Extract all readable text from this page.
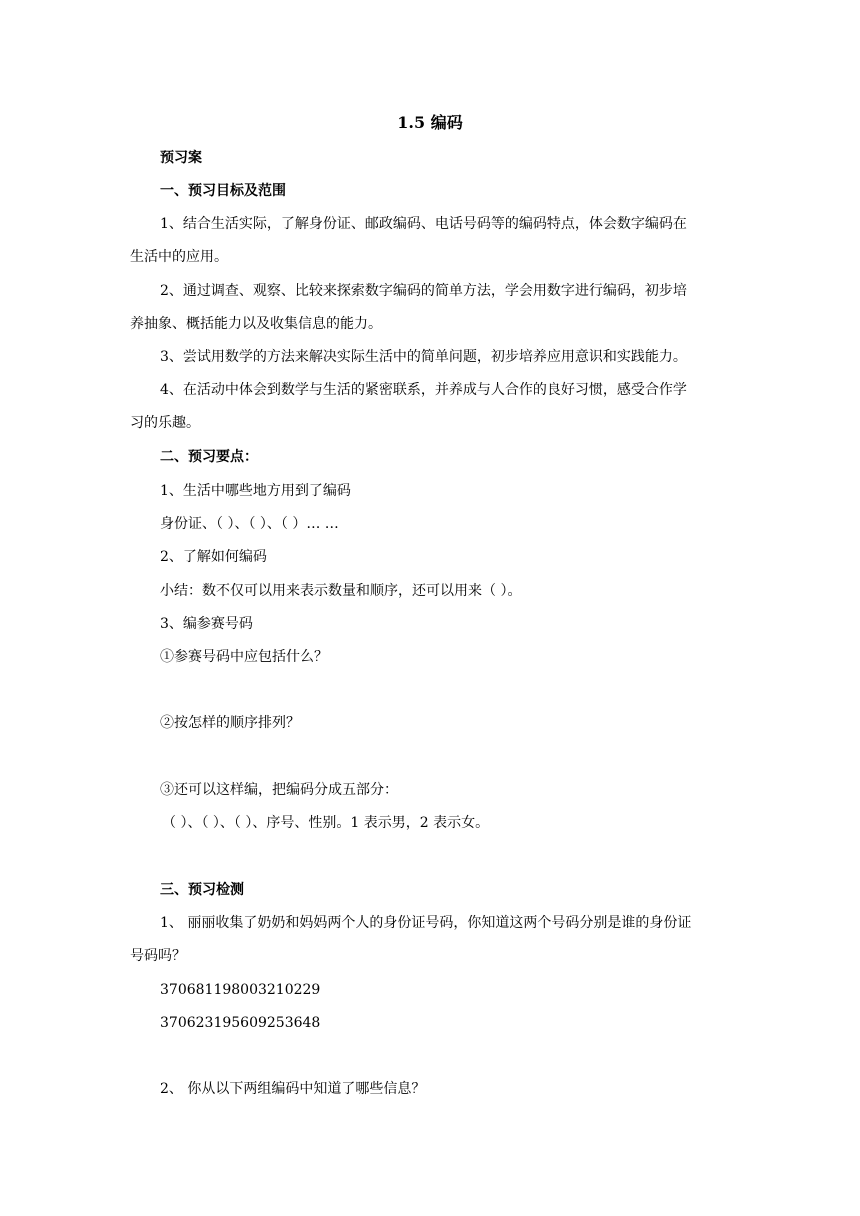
1.5 编码
预习案
一、预习目标及范围
1、结合生活实际，了解身份证、邮政编码、电话号码等的编码特点，体会数字编码在
生活中的应用。
2、通过调查、观察、比较来探索数字编码的简单方法，学会用数字进行编码，初步培
养抽象、概括能力以及收集信息的能力。
3、尝试用数学的方法来解决实际生活中的简单问题，初步培养应用意识和实践能力。
4、在活动中体会到数学与生活的紧密联系，并养成与人合作的良好习惯，感受合作学
习的乐趣。
二、预习要点：
1、生活中哪些地方用到了编码
身份证、（ ）、（ ）、（ ）… …
2、了解如何编码
小结：数不仅可以用来表示数量和顺序，还可以用来（ ）。
3、编参赛号码
①参赛号码中应包括什么？
②按怎样的顺序排列？
③还可以这样编，把编码分成五部分：
（ ）、（ ）、（ ）、序号、性别。1 表示男，2 表示女。
三、预习检测
1、 丽丽收集了奶奶和妈妈两个人的身份证号码，你知道这两个号码分别是谁的身份证
号码吗？
370681198003210229
370623195609253648
2、 你从以下两组编码中知道了哪些信息？
